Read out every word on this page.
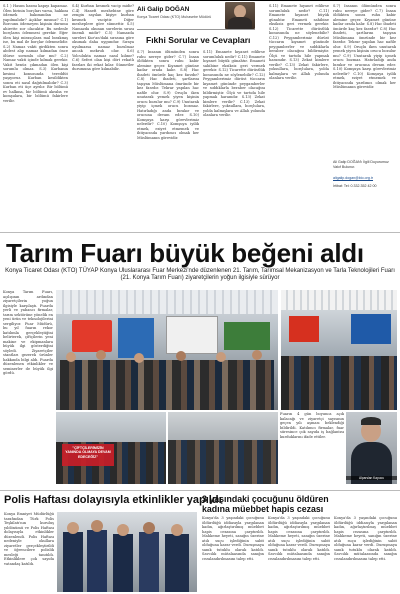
S.1 ) Hasım hasmı kapıyı kapamaz. Ölen birinin borçları varsa, hakkını ödemek bakımından ne yapılmalıdır? Açıklar mısınız? C.1) Borcunu ödemeyen kişinin durumu ahirette zor olacaktır. Bu nedenle borçların ödenmesi gerekir. Eğer ölen kişi mirasçılara mal bırakmış ise, bu mal ile borçlar ödenmelidir. S.2) Namaz vakti girdikten sonra abdest alıp namaz kılmadan önce ölürse sorumlu olur mu? C.2) Namaz vakti içinde kılmak gerekir. Vakit henüz çıkmadan ölen kişi sorumlu olmaz. S.3) Kurbanın kesimi konusunda tereddüt yaşıyoruz. Kurban kesildikten sonra eti nasıl dağıtılmalıdır? C.3) Kurban eti üçe ayrılır. Bir bölümü ev halkına, bir bölümü akraba ve komşulara, bir bölümü fakirlere verilir.
Ali Galip DOĞAN
Konya Ticaret Odası (KTO) Muhasebe Müdürü
Fıkhi Sorular ve Cevapları
S.4) Kurban kesmek vacip midir? C.4) Hanefi mezhebine göre zengin sayılan kişiye kurban kesmek vaciptir. Diğer mezheplere göre sünnettir. S.5) Namazda okunan surelerin sırası önemli midir? C.5) Namazda sureleri Kur'an'daki sırasına göre okumak daha uygundur. Sıraya uyulmazsa namaz bozulmaz ancak mekruh olur. S.6) Yolculukta namaz nasıl kılınır? C.6) Seferi olan kişi dört rekatlı farzları iki rekat kılar. Sünnetler durumuna göre kılınabilir.
S.7) İnsanın ölümünden sonra ruhu nereye gider? C.7) İnsan öldükten sonra ruhu kabir alemine geçer. Kıyamet gününe kadar orada kalır. S.8) Hac ibadeti ömürde kaç kez farzdır? C.8) Hac ibadeti, şartlarını taşıyan Müslümana ömründe bir kez farzdır. Tekrar yapılan hac nafile olur. S.9) Oruçlu iken unutarak yemek yiyen kişinin orucu bozulur mu? C.9) Unutarak yiyip içmek orucu bozmaz. Hatırladığı anda bırakır ve orucuna devam eder. S.10) Komşuya karşı görevlerimiz nelerdir? C.10) Komşuya iyilik etmek, eziyet etmemek ve ihtiyacında yardımcı olmak her Müslümanın görevidir.
S.11) Emanete hıyanet edilirse sorumluluk nedir? C.11) Emanete hıyanet büyük günahtır. Emaneti sahibine eksiksiz geri vermek gerekir. S.12) Ticarette dürüstlük konusunda ne söylenebilir? C.12) Peygamberimiz dürüst tüccarın kıyamet gününde peygamberler ve sıddıklarla beraber olacağını bildirmiştir. Ölçü ve tartıda hile yapmak haramdır. S.13) Zekat kimlere verilir? C.13) Zekat fakirlere, yoksullara, borçlulara, yolda kalmışlara ve Allah yolunda olanlara verilir.
S.11) Emanete hıyanet edilirse sorumluluk nedir? C.11) Emanete hıyanet büyük günahtır. Emaneti sahibine eksiksiz geri vermek gerekir. S.12) Ticarette dürüstlük konusunda ne söylenebilir? C.12) Peygamberimiz dürüst tüccarın kıyamet gününde peygamberler ve sıddıklarla beraber olacağını bildirmiştir. Ölçü ve tartıda hile yapmak haramdır. S.13) Zekat kimlere verilir? C.13) Zekat fakirlere, yoksullara, borçlulara, yolda kalmışlara ve Allah yolunda olanlara verilir.
S.7) İnsanın ölümünden sonra ruhu nereye gider? C.7) İnsan öldükten sonra ruhu kabir alemine geçer. Kıyamet gününe kadar orada kalır. S.8) Hac ibadeti ömürde kaç kez farzdır? C.8) Hac ibadeti, şartlarını taşıyan Müslümana ömründe bir kez farzdır. Tekrar yapılan hac nafile olur. S.9) Oruçlu iken unutarak yemek yiyen kişinin orucu bozulur mu? C.9) Unutarak yiyip içmek orucu bozmaz. Hatırladığı anda bırakır ve orucuna devam eder. S.10) Komşuya karşı görevlerimiz nelerdir? C.10) Komşuya iyilik etmek, eziyet etmemek ve ihtiyacında yardımcı olmak her Müslümanın görevidir.
Ali Galip DOĞAN'ı İlgili Duyurumuz Vakıf Bulunur.
aligalip.dogan@kto.org.tr
İrtibat: Tel: 0.332.352 42 00
Tarım Fuarı büyük beğeni aldı
Konya Ticaret Odası (KTO) TÜYAP Konya Uluslararası Fuar Merkezi'nde düzenlenen 21. Tarım, Tarımsal Mekanizasyon ve Tarla Teknolojileri Fuarı (21. Konya Tarım Fuarı) ziyaretçilerin yoğun ilgisiyle sürüyor
Konya Tarım Fuarı, açılışının ardından ziyaretçilerin yoğun ilgisiyle karşılaştı. Fuarda yerli ve yabancı firmalar, tarım sektörüne yönelik en yeni ürün ve teknolojilerini sergiliyor. Fuar Müdürü, bu yıl fuarın rekor katılımla gerçekleştiğini belirterek, çiftçilerin yeni makine ve ekipmanlara büyük ilgi gösterdiğini söyledi. Ziyaretçiler stantları gezerek ürünler hakkında bilgi aldı. Fuarda düzenlenen etkinlikler ve seminerler de büyük ilgi gördü.
"ÇİFTÇİLERİMİZİN YANINDA OLMAYA DEVAM EDECEĞİZ"
Alparslan Kapucu
Fuarın 4 gün boyunca açık kalacağı ve ziyaretçi sayısının geçen yılı aşması beklendiği bildirildi. Katılımcı firmalar, fuar süresince çok sayıda iş bağlantısı kurduklarını ifade ettiler.
Polis Haftası dolayısıyla etkinlikler yapıldı
Konya Emniyet Müdürlüğü tarafından Türk Polis Teşkilatı'nın kuruluş yıldönümü ve Polis Haftası dolayısıyla etkinlikler düzenlendi. Polis Haftası nedeniyle okullara ziyaretler gerçekleştirildi ve öğrencilere polislik mesleği tanıtıldı. Etkinliklere çok sayıda vatandaş katıldı.
3 yaşındaki çocuğunu öldüren
kadına müebbet hapis cezası
Konya'da 3 yaşındaki çocuğunu öldürdüğü iddiasıyla yargılanan kadın, ağırlaştırılmış müebbet hapis cezasına çarptırıldı. Mahkeme heyeti, sanığın üzerine atılı suçu işlediğinin sabit olduğuna karar verdi. Duruşmaya sanık tutuklu olarak katıldı. Savcılık mütalaasında sanığın cezalandırılmasını talep etti.
Konya'da 3 yaşındaki çocuğunu öldürdüğü iddiasıyla yargılanan kadın, ağırlaştırılmış müebbet hapis cezasına çarptırıldı. Mahkeme heyeti, sanığın üzerine atılı suçu işlediğinin sabit olduğuna karar verdi. Duruşmaya sanık tutuklu olarak katıldı. Savcılık mütalaasında sanığın cezalandırılmasını talep etti.
Konya'da 3 yaşındaki çocuğunu öldürdüğü iddiasıyla yargılanan kadın, ağırlaştırılmış müebbet hapis cezasına çarptırıldı. Mahkeme heyeti, sanığın üzerine atılı suçu işlediğinin sabit olduğuna karar verdi. Duruşmaya sanık tutuklu olarak katıldı. Savcılık mütalaasında sanığın cezalandırılmasını talep etti.
